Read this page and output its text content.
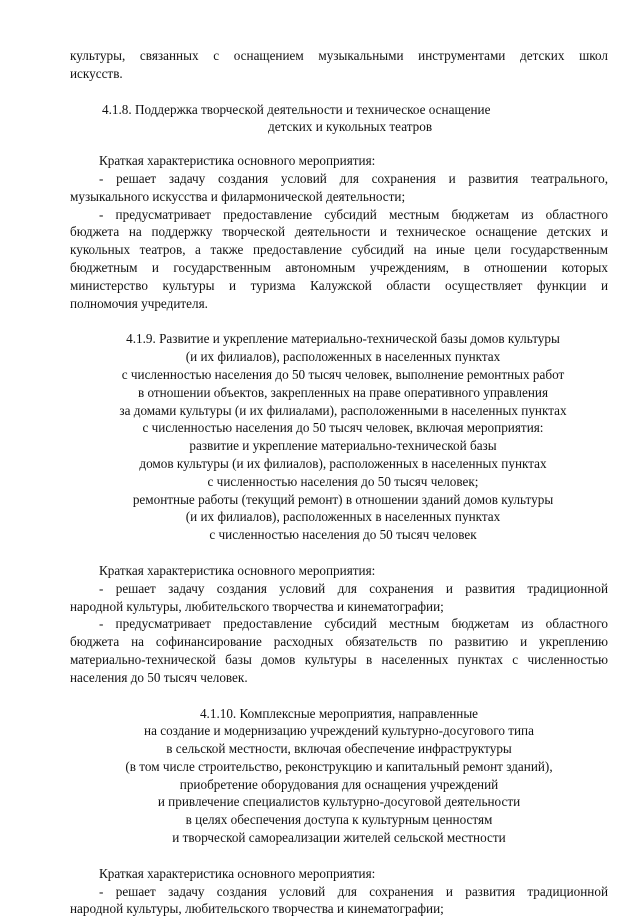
культуры, связанных с оснащением музыкальными инструментами детских школ
искусств.
4.1.8. Поддержка творческой деятельности и техническое оснащение
детских и кукольных театров
Краткая характеристика основного мероприятия:
- решает задачу создания условий для сохранения и развития театрального,
музыкального искусства и филармонической деятельности;
- предусматривает предоставление субсидий местным бюджетам из областного
бюджета на поддержку творческой деятельности и техническое оснащение детских и
кукольных театров, а также предоставление субсидий на иные цели государственным
бюджетным и государственным автономным учреждениям, в отношении которых
министерство культуры и туризма Калужской области осуществляет функции и
полномочия учредителя.
4.1.9. Развитие и укрепление материально-технической базы домов культуры
(и их филиалов), расположенных в населенных пунктах
с численностью населения до 50 тысяч человек, выполнение ремонтных работ
в отношении объектов, закрепленных на праве оперативного управления
за домами культуры (и их филиалами), расположенными в населенных пунктах
с численностью населения до 50 тысяч человек, включая мероприятия:
развитие и укрепление материально-технической базы
домов культуры (и их филиалов), расположенных в населенных пунктах
с численностью населения до 50 тысяч человек;
ремонтные работы (текущий ремонт) в отношении зданий домов культуры
(и их филиалов), расположенных в населенных пунктах
с численностью населения до 50 тысяч человек
Краткая характеристика основного мероприятия:
- решает задачу создания условий для сохранения и развития традиционной
народной культуры, любительского творчества и кинематографии;
- предусматривает предоставление субсидий местным бюджетам из областного
бюджета на софинансирование расходных обязательств по развитию и укреплению
материально-технической базы домов культуры в населенных пунктах с численностью
населения до 50 тысяч человек.
4.1.10. Комплексные мероприятия, направленные
на создание и модернизацию учреждений культурно-досугового типа
в сельской местности, включая обеспечение инфраструктуры
(в том числе строительство, реконструкцию и капитальный ремонт зданий),
приобретение оборудования для оснащения учреждений
и привлечение специалистов культурно-досуговой деятельности
в целях обеспечения доступа к культурным ценностям
и творческой самореализации жителей сельской местности
Краткая характеристика основного мероприятия:
- решает задачу создания условий для сохранения и развития традиционной
народной культуры, любительского творчества и кинематографии;
